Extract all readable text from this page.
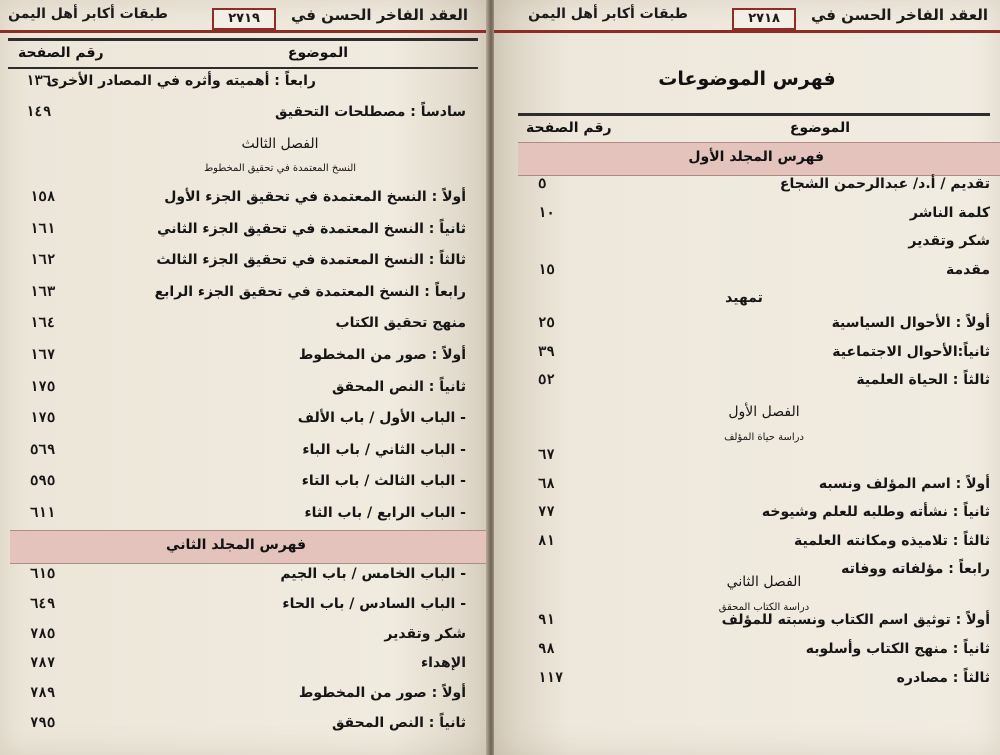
العقد الفاخر الحسن في
٢٧١٩
طبقات أكابر أهل اليمن
الموضوع
رقم الصفحة
رابعاً : أهميته وأثره في المصادر الأخرى
١٣٦
سادساً : مصطلحات التحقيق
١٤٩
الفصل الثالث
النسخ المعتمدة في تحقيق المخطوط
أولاً : النسخ المعتمدة في تحقيق الجزء الأول
١٥٨
ثانياً : النسخ المعتمدة في تحقيق الجزء الثاني
١٦١
ثالثاً : النسخ المعتمدة في تحقيق الجزء الثالث
١٦٢
رابعاً : النسخ المعتمدة في تحقيق الجزء الرابع
١٦٣
منهج تحقيق الكتاب
١٦٤
أولاً : صور من المخطوط
١٦٧
ثانياً : النص المحقق
١٧٥
- الباب الأول / باب الألف
١٧٥
- الباب الثاني / باب الباء
٥٦٩
- الباب الثالث / باب التاء
٥٩٥
- الباب الرابع / باب الثاء
٦١١
فهرس المجلد الثاني
- الباب الخامس / باب الجيم
٦١٥
- الباب السادس / باب الحاء
٦٤٩
شكر وتقدير
٧٨٥
الإهداء
٧٨٧
أولاً : صور من المخطوط
٧٨٩
ثانياً : النص المحقق
٧٩٥
العقد الفاخر الحسن في
٢٧١٨
طبقات أكابر أهل اليمن
فهرس الموضوعات
الموضوع
رقم الصفحة
فهرس المجلد الأول
تقديم / أ.د/ عبدالرحمن الشجاع
٥
كلمة الناشر
١٠
شكر وتقدير
مقدمة
١٥
تمهيد
أولاً : الأحوال السياسية
٢٥
ثانياً:الأحوال الاجتماعية
٣٩
ثالثاً : الحياة العلمية
٥٢
الفصل الأول
دراسة حياة المؤلف
٦٧
أولاً : اسم المؤلف ونسبه
٦٨
ثانياً : نشأته وطلبه للعلم وشيوخه
٧٧
ثالثاً : تلاميذه ومكانته العلمية
٨١
رابعاً : مؤلفاته ووفاته
الفصل الثاني
دراسة الكتاب المحقق
أولاً : توثيق اسم الكتاب ونسبته للمؤلف
٩١
ثانياً : منهج الكتاب وأسلوبه
٩٨
ثالثاً : مصادره
١١٧
